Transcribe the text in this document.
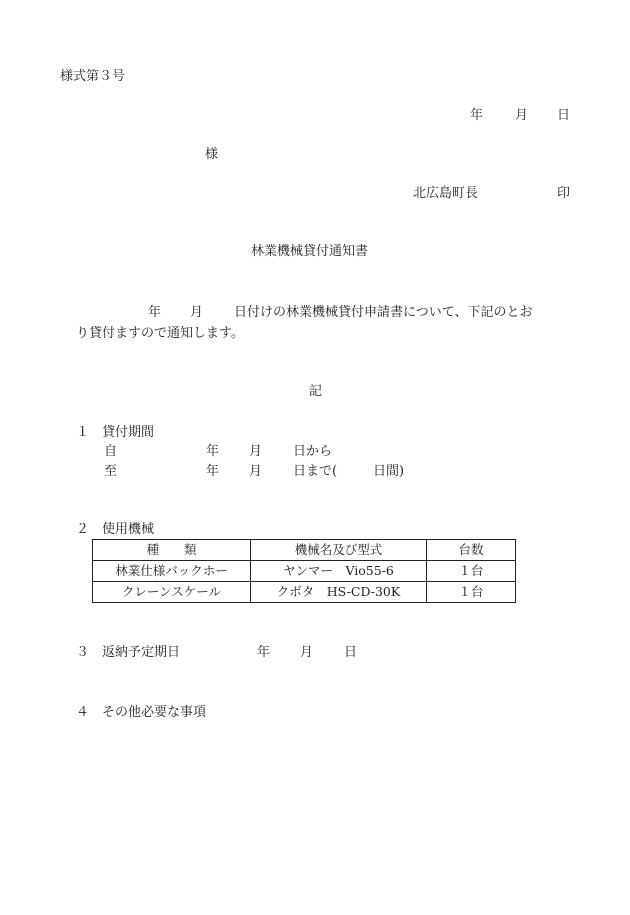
様式第３号
年 月 日
様
北広島町長	印
林業機械貸付通知書
年 月 日付けの林業機械貸付申請書について、下記のとお
り貸付ますので通知します。
記
１　貸付期間
自	年 月 日から
至	年 月 日まで(	日間)
２　使用機械
種　　類	機械名及び型式	台数
林業仕様バックホー	ヤンマー　Vio55-6	１台
クレーンスケール	クボタ　HS-CD-30K	１台
３　返納予定期日	年 月 日
４　その他必要な事項
